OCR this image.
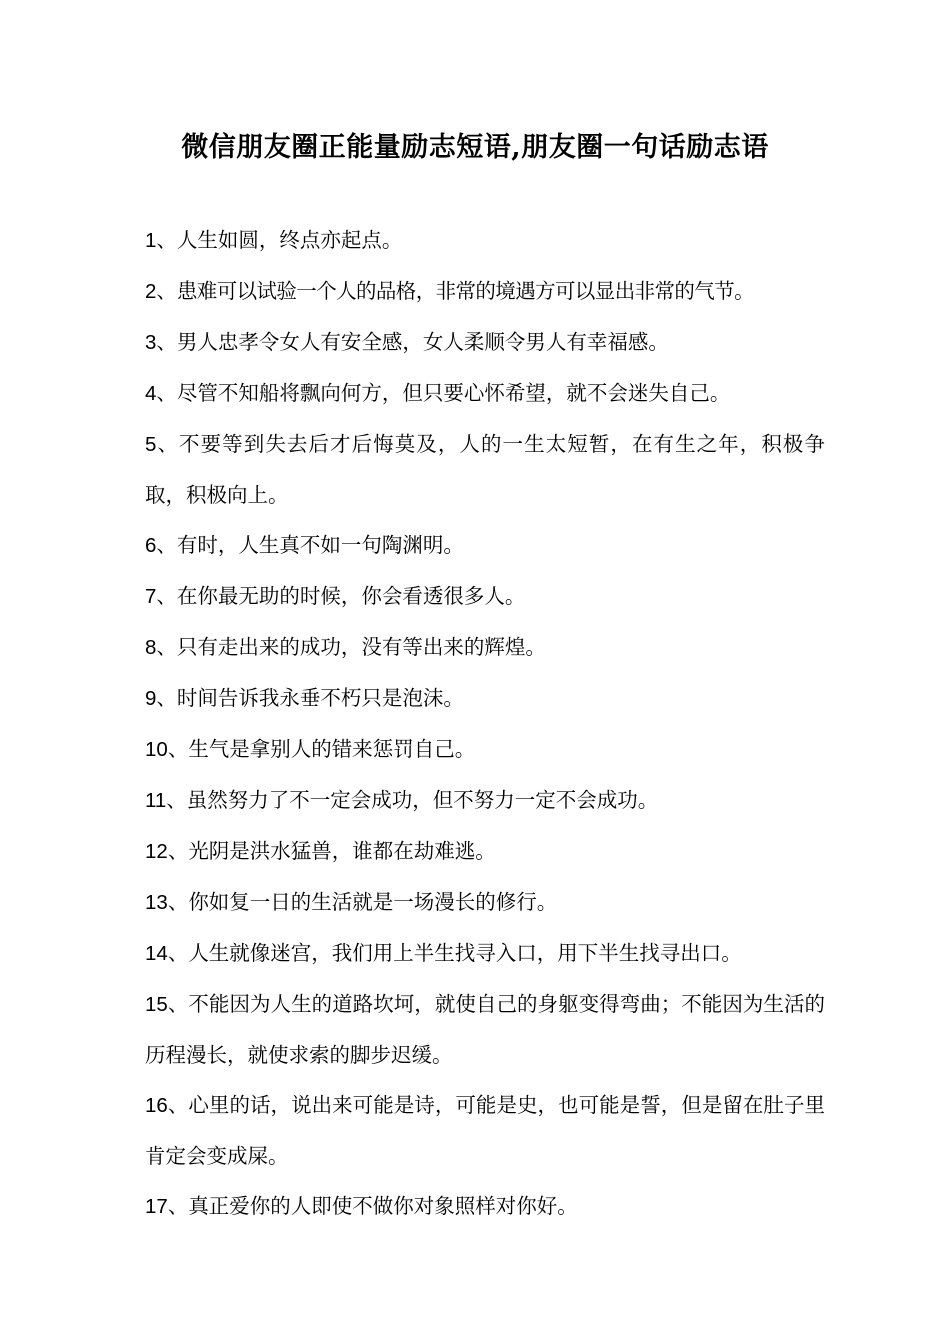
微信朋友圈正能量励志短语,朋友圈一句话励志语

1、人生如圆，终点亦起点。

2、患难可以试验一个人的品格，非常的境遇方可以显出非常的气节。

3、男人忠孝令女人有安全感，女人柔顺令男人有幸福感。

4、尽管不知船将飘向何方，但只要心怀希望，就不会迷失自己。

5、不要等到失去后才后悔莫及，人的一生太短暂，在有生之年，积极争取，积极向上。

6、有时，人生真不如一句陶渊明。

7、在你最无助的时候，你会看透很多人。

8、只有走出来的成功，没有等出来的辉煌。

9、时间告诉我永垂不朽只是泡沫。

10、生气是拿别人的错来惩罚自己。

11、虽然努力了不一定会成功，但不努力一定不会成功。

12、光阴是洪水猛兽，谁都在劫难逃。

13、你如复一日的生活就是一场漫长的修行。

14、人生就像迷宫，我们用上半生找寻入口，用下半生找寻出口。

15、不能因为人生的道路坎坷，就使自己的身躯变得弯曲；不能因为生活的历程漫长，就使求索的脚步迟缓。

16、心里的话，说出来可能是诗，可能是史，也可能是誓，但是留在肚子里肯定会变成屎。

17、真正爱你的人即使不做你对象照样对你好。
